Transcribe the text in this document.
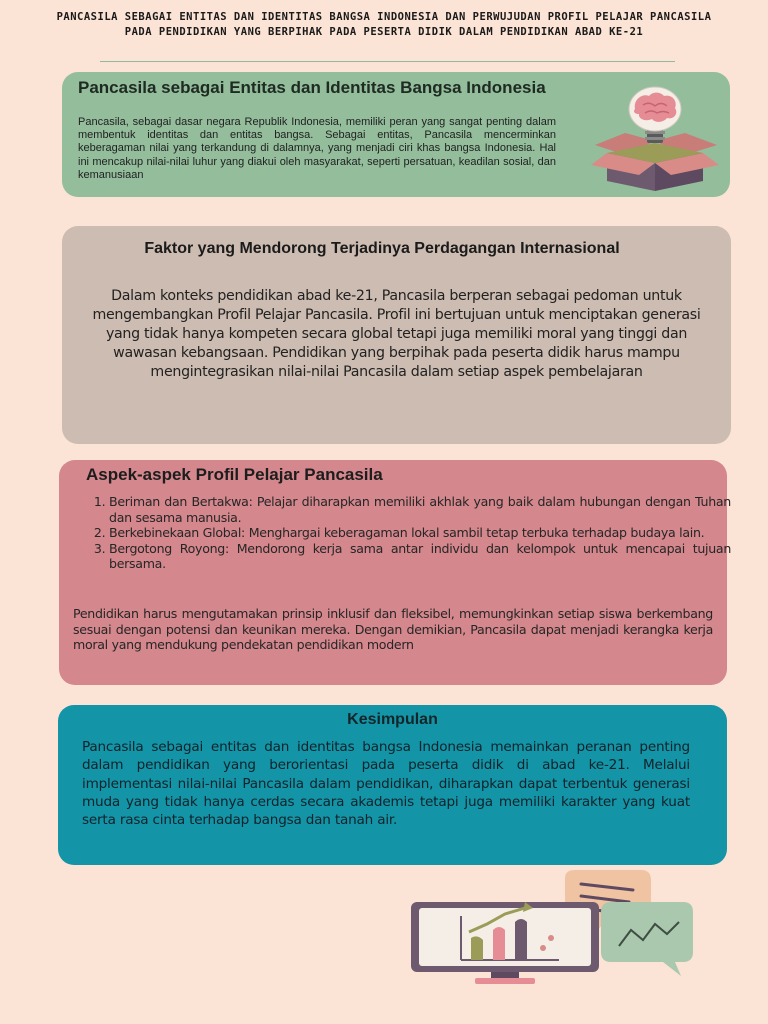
PANCASILA SEBAGAI ENTITAS DAN IDENTITAS BANGSA INDONESIA DAN PERWUJUDAN PROFIL PELAJAR PANCASILA PADA PENDIDIKAN YANG BERPIHAK PADA PESERTA DIDIK DALAM PENDIDIKAN ABAD KE-21
Pancasila sebagai Entitas dan Identitas Bangsa Indonesia
Pancasila, sebagai dasar negara Republik Indonesia, memiliki peran yang sangat penting dalam membentuk identitas dan entitas bangsa. Sebagai entitas, Pancasila mencerminkan keberagaman nilai yang terkandung di dalamnya, yang menjadi ciri khas bangsa Indonesia. Hal ini mencakup nilai-nilai luhur yang diakui oleh masyarakat, seperti persatuan, keadilan sosial, dan kemanusiaan
Faktor yang Mendorong Terjadinya Perdagangan Internasional
Dalam konteks pendidikan abad ke-21, Pancasila berperan sebagai pedoman untuk mengembangkan Profil Pelajar Pancasila. Profil ini bertujuan untuk menciptakan generasi yang tidak hanya kompeten secara global tetapi juga memiliki moral yang tinggi dan wawasan kebangsaan. Pendidikan yang berpihak pada peserta didik harus mampu mengintegrasikan nilai-nilai Pancasila dalam setiap aspek pembelajaran
Aspek-aspek Profil Pelajar Pancasila
1. Beriman dan Bertakwa: Pelajar diharapkan memiliki akhlak yang baik dalam hubungan dengan Tuhan dan sesama manusia.
2. Berkebinekaan Global: Menghargai keberagaman lokal sambil tetap terbuka terhadap budaya lain.
3. Bergotong Royong: Mendorong kerja sama antar individu dan kelompok untuk mencapai tujuan bersama.
Pendidikan harus mengutamakan prinsip inklusif dan fleksibel, memungkinkan setiap siswa berkembang sesuai dengan potensi dan keunikan mereka. Dengan demikian, Pancasila dapat menjadi kerangka kerja moral yang mendukung pendekatan pendidikan modern
Kesimpulan
Pancasila sebagai entitas dan identitas bangsa Indonesia memainkan peranan penting dalam pendidikan yang berorientasi pada peserta didik di abad ke-21. Melalui implementasi nilai-nilai Pancasila dalam pendidikan, diharapkan dapat terbentuk generasi muda yang tidak hanya cerdas secara akademis tetapi juga memiliki karakter yang kuat serta rasa cinta terhadap bangsa dan tanah air.
